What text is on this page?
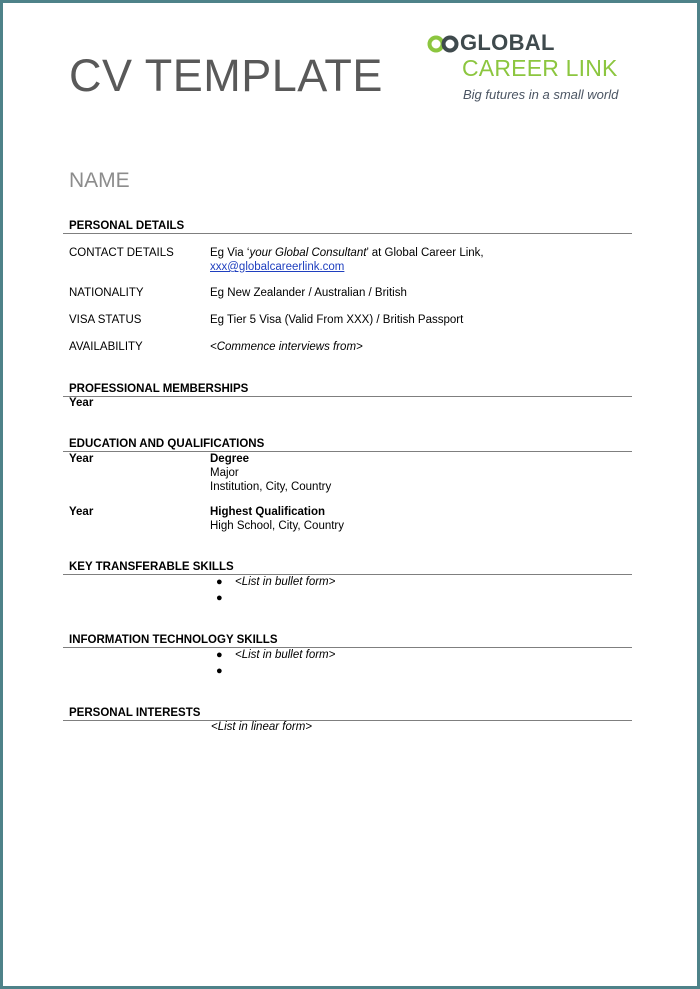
CV TEMPLATE
GLOBAL
CAREER LINK
Big futures in a small world
NAME
PERSONAL DETAILS
CONTACT DETAILS	Eg Via ‘your Global Consultant’ at Global Career Link,
xxx@globalcareerlink.com
NATIONALITY	Eg New Zealander / Australian / British
VISA STATUS	Eg Tier 5 Visa (Valid From XXX) / British Passport
AVAILABILITY	<Commence interviews from>
PROFESSIONAL MEMBERSHIPS
Year
EDUCATION AND QUALIFICATIONS
Year	Degree
Major
Institution, City, Country
Year	Highest Qualification
High School, City, Country
KEY TRANSFERABLE SKILLS
● <List in bullet form>
●
INFORMATION TECHNOLOGY SKILLS
● <List in bullet form>
●
PERSONAL INTERESTS
<List in linear form>
